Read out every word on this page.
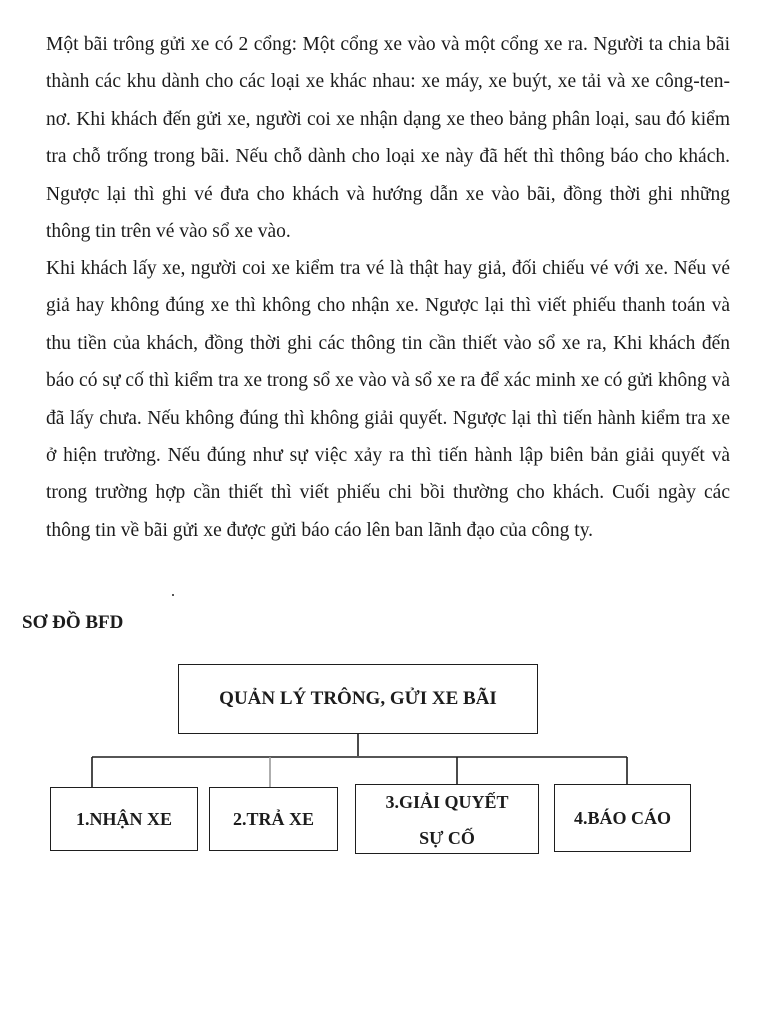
Một bãi trông gửi xe có 2 cổng: Một cổng xe vào và một cổng xe ra. Người ta chia bãi thành các khu dành cho các loại xe khác nhau: xe máy, xe buýt, xe tải và xe công-ten-nơ. Khi khách đến gửi xe, người coi xe nhận dạng xe theo bảng phân loại, sau đó kiểm tra chỗ trống trong bãi. Nếu chỗ dành cho loại xe này đã hết thì thông báo cho khách. Ngược lại thì ghi vé đưa cho khách và hướng dẫn xe vào bãi, đồng thời ghi những thông tin trên vé vào sổ xe vào.

Khi khách lấy xe, người coi xe kiểm tra vé là thật hay giả, đối chiếu vé với xe. Nếu vé giả hay không đúng xe thì không cho nhận xe. Ngược lại thì viết phiếu thanh toán và thu tiền của khách, đồng thời ghi các thông tin cần thiết vào sổ xe ra, Khi khách đến báo có sự cố thì kiểm tra xe trong sổ xe vào và sổ xe ra để xác minh xe có gửi không và đã lấy chưa. Nếu không đúng thì không giải quyết. Ngược lại thì tiến hành kiểm tra xe ở hiện trường. Nếu đúng như sự việc xảy ra thì tiến hành lập biên bản giải quyết và trong trường hợp cần thiết thì viết phiếu chi bồi thường cho khách. Cuối ngày các thông tin về bãi gửi xe được gửi báo cáo lên ban lãnh đạo của công ty.

SƠ ĐỒ BFD
QUẢN LÝ TRÔNG, GỬI XE BÃI
1.NHẬN XE	2.TRẢ XE
3.GIẢI QUYẾT
SỰ CỐ
4.BÁO CÁO
